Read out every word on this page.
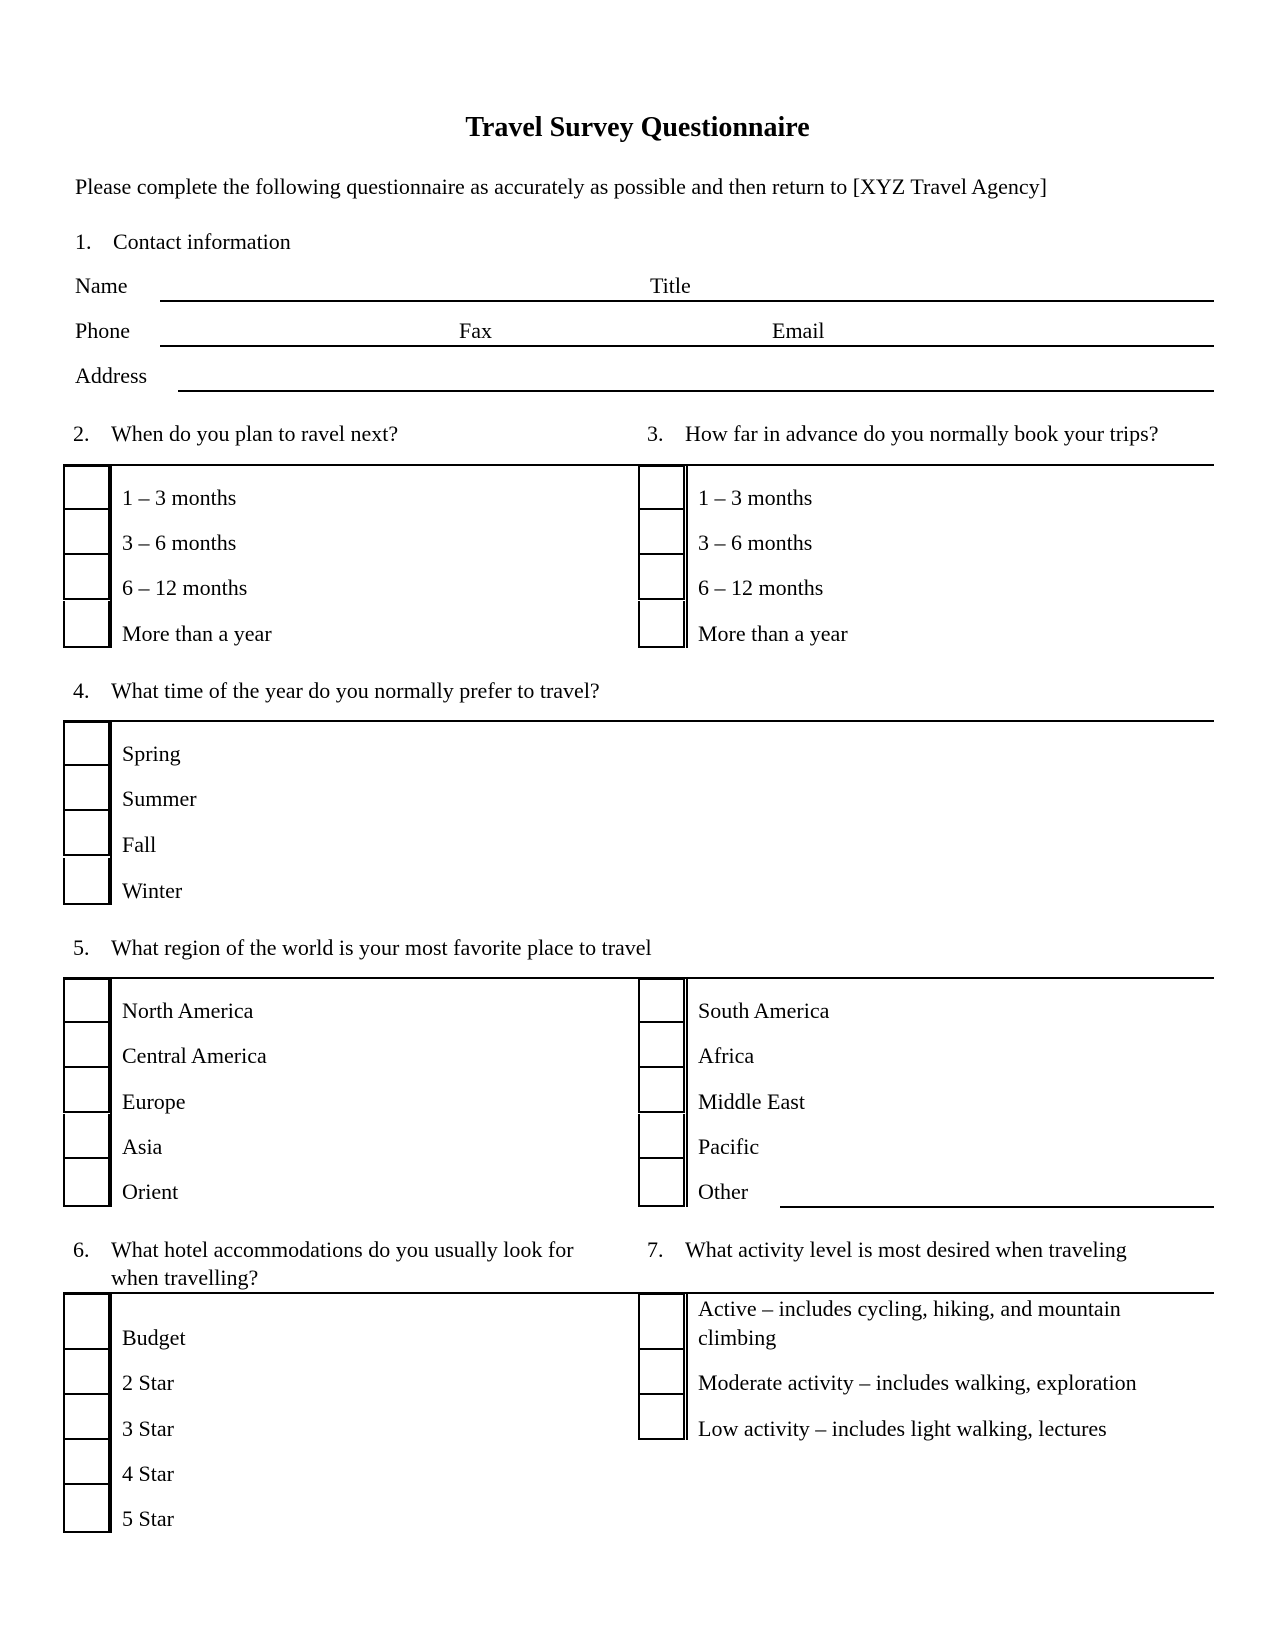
Travel Survey Questionnaire
Please complete the following questionnaire as accurately as possible and then return to [XYZ Travel Agency]
1. Contact information
Name	Title
Phone	Fax	Email
Address
2. When do you plan to ravel next?
1 – 3 months
3 – 6 months
6 – 12 months
More than a year
3. How far in advance do you normally book your trips?
1 – 3 months
3 – 6 months
6 – 12 months
More than a year
4. What time of the year do you normally prefer to travel?
Spring
Summer
Fall
Winter
5. What region of the world is your most favorite place to travel
North America
Central America
Europe
Asia
Orient
South America
Africa
Middle East
Pacific
Other
6. What hotel accommodations do you usually look for
when travelling?
Budget
2 Star
3 Star
4 Star
5 Star
7. What activity level is most desired when traveling
Active – includes cycling, hiking, and mountain
climbing
Moderate activity – includes walking, exploration
Low activity – includes light walking, lectures
